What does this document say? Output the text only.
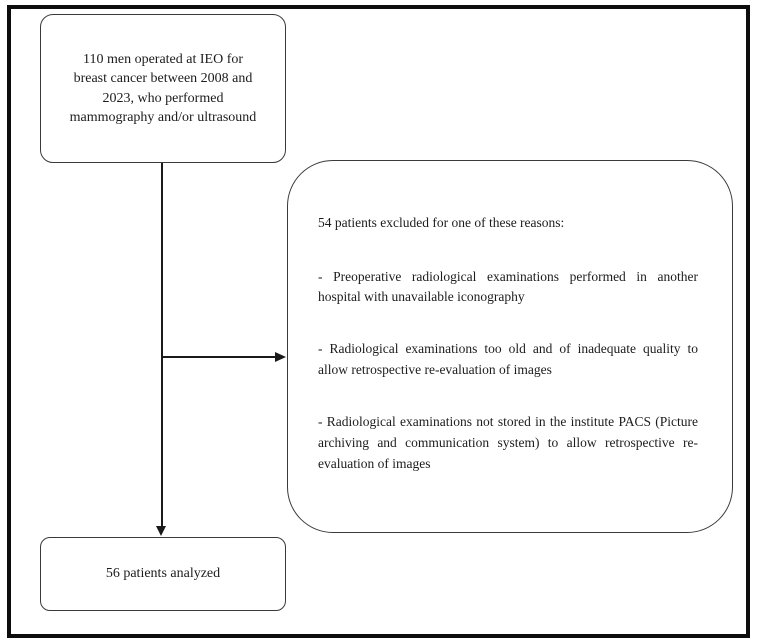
110 men operated at IEO for breast cancer between 2008 and 2023, who performed mammography and/or ultrasound

54 patients excluded for one of these reasons:

- Preoperative radiological examinations performed in another hospital with unavailable iconography

- Radiological examinations too old and of inadequate quality to allow retrospective re-evaluation of images

- Radiological examinations not stored in the institute PACS (Picture archiving and communication system) to allow retrospective re-evaluation of images

56 patients analyzed
